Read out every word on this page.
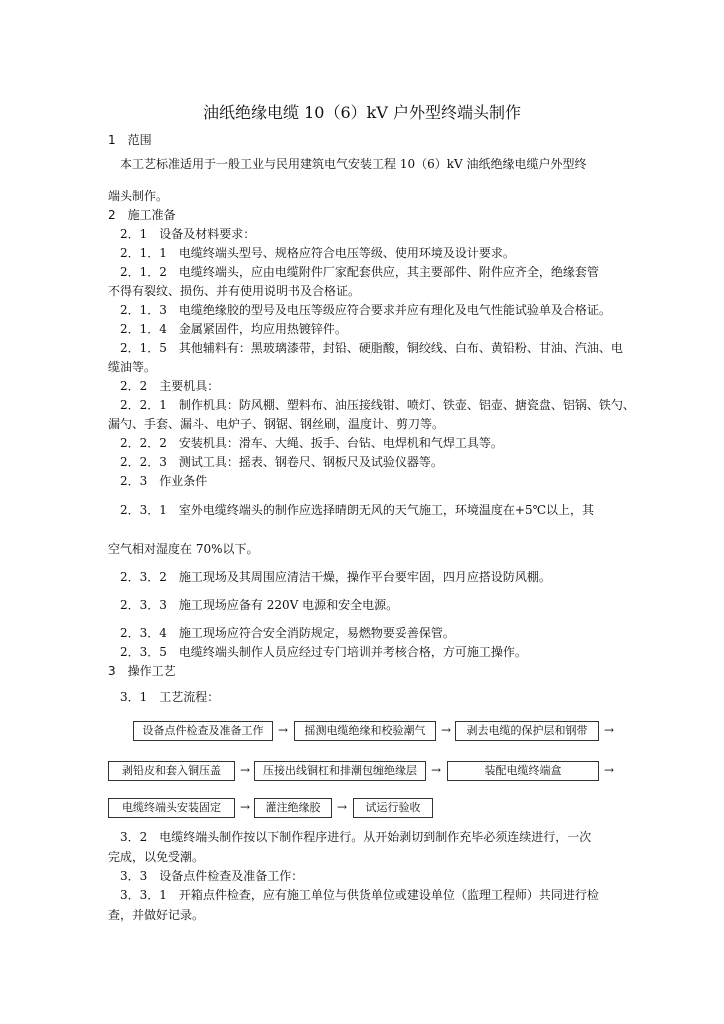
油纸绝缘电缆 10（6）kV 户外型终端头制作
1　范围
本工艺标准适用于一般工业与民用建筑电气安装工程 10（6）kV 油纸绝缘电缆户外型终
端头制作。
2　施工准备
2．1　设备及材料要求：
2．1．1　电缆终端头型号、规格应符合电压等级、使用环境及设计要求。
2．1．2　电缆终端头，应由电缆附件厂家配套供应，其主要部件、附件应齐全，绝缘套管
不得有裂纹、损伤、并有使用说明书及合格证。
2．1．3　电缆绝缘胶的型号及电压等级应符合要求并应有理化及电气性能试验单及合格证。
2．1．4　金属紧固件，均应用热镀锌件。
2．1．5　其他辅料有：黑玻璃漆带，封铅、硬脂酸，铜绞线、白布、黄铅粉、甘油、汽油、电
缆油等。
2．2　主要机具：
2．2．1　制作机具：防风棚、塑料布、油压接线钳、喷灯、铁壶、铝壶、搪瓷盘、铝锅、铁勺、
漏勺、手套、漏斗、电炉子、钢锯、钢丝刷，温度计、剪刀等。
2．2．2　安装机具：滑车、大绳、扳手、台钻、电焊机和气焊工具等。
2．2．3　测试工具：摇表、钢卷尺、钢板尺及试验仪器等。
2．3　作业条件
2．3．1　室外电缆终端头的制作应选择晴朗无风的天气施工，环境温度在+5℃以上，其
空气相对湿度在 70%以下。
2．3．2　施工现场及其周围应清洁干燥，操作平台要牢固，四月应搭设防风棚。
2．3．3　施工现场应备有 220V 电源和安全电源。
2．3．4　施工现场应符合安全消防规定，易燃物要妥善保管。
2．3．5　电缆终端头制作人员应经过专门培训并考核合格，方可施工操作。
3　操作工艺
3．1　工艺流程：
设备点件检查及准备工作	→	摇测电缆绝缘和校验潮气	→	剥去电缆的保护层和钢带	→
剥铅皮和套入铜压盖	→	压接出线铜杠和排潮包缠绝缘层	→	装配电缆终端盒	→
电缆终端头安装固定	→	灌注绝缘胶	→	试运行验收
3．2　电缆终端头制作按以下制作程序进行。从开始剥切到制作充毕必须连续进行，一次
完成，以免受潮。
3．3　设备点件检查及准备工作：
3．3．1　开箱点件检查，应有施工单位与供货单位或建设单位（监理工程师）共同进行检
查，并做好记录。
